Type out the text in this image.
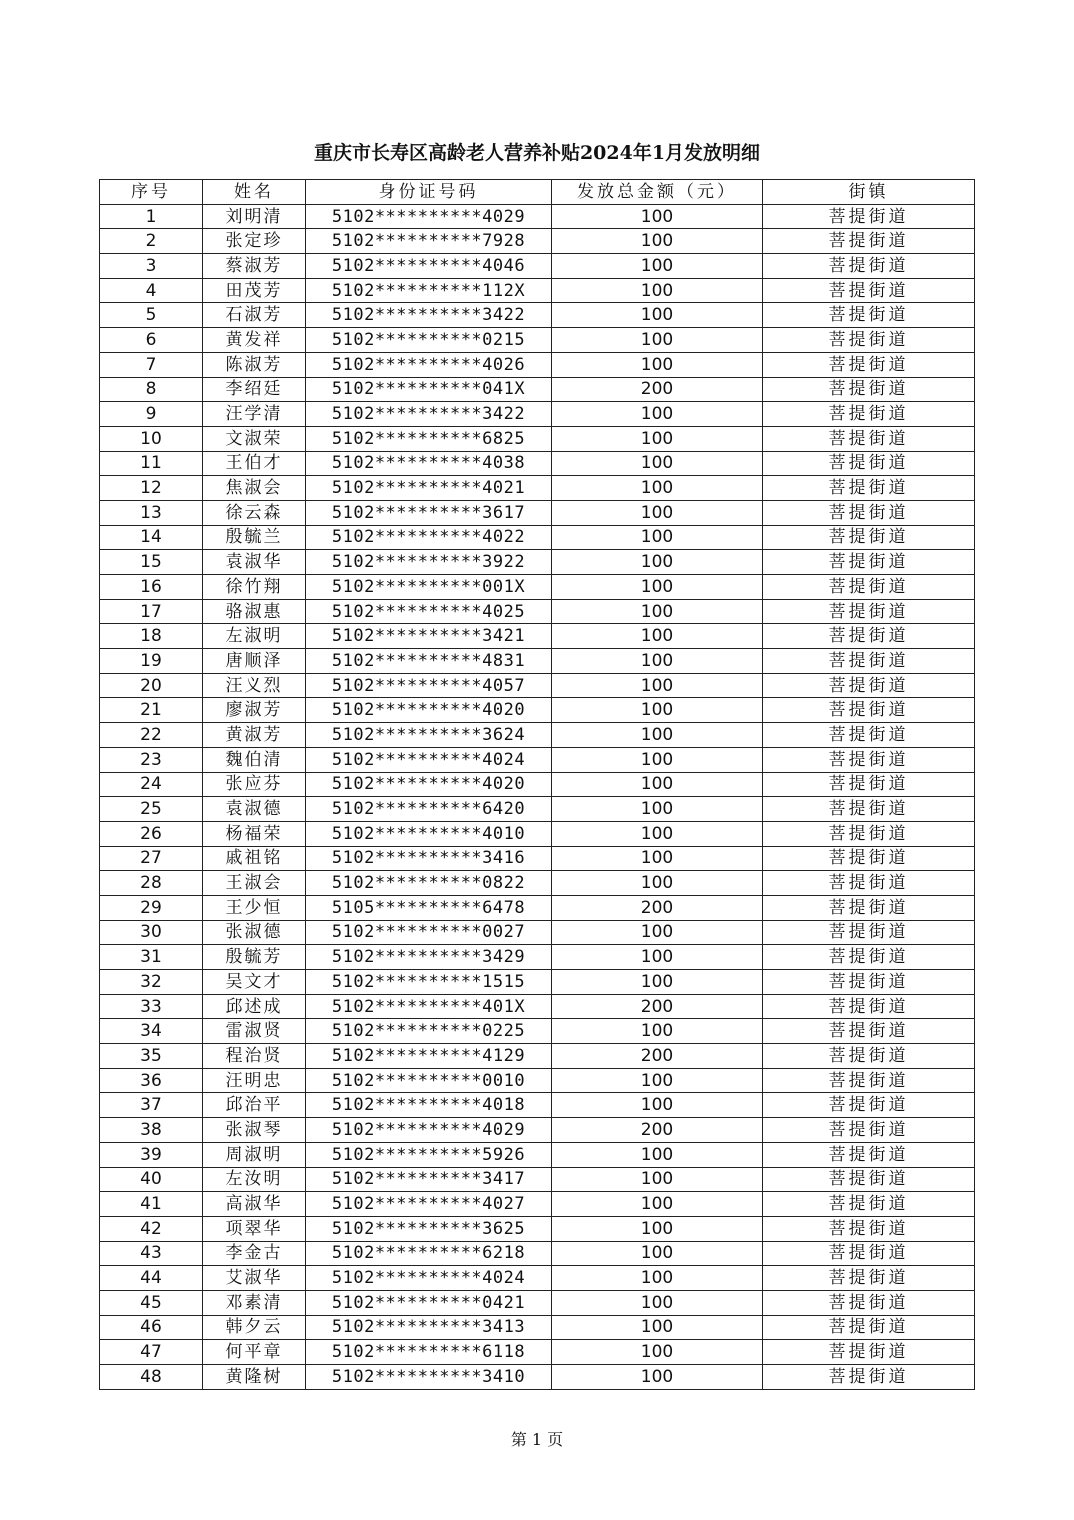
重庆市长寿区高龄老人营养补贴2024年1月发放明细
序号	姓名	身份证号码	发放总金额（元）	街镇
1	刘明清	5102**********4029	100	菩提街道
2	张定珍	5102**********7928	100	菩提街道
3	蔡淑芳	5102**********4046	100	菩提街道
4	田茂芳	5102**********112X	100	菩提街道
5	石淑芳	5102**********3422	100	菩提街道
6	黄发祥	5102**********0215	100	菩提街道
7	陈淑芳	5102**********4026	100	菩提街道
8	李绍廷	5102**********041X	200	菩提街道
9	汪学清	5102**********3422	100	菩提街道
10	文淑荣	5102**********6825	100	菩提街道
11	王伯才	5102**********4038	100	菩提街道
12	焦淑会	5102**********4021	100	菩提街道
13	徐云森	5102**********3617	100	菩提街道
14	殷毓兰	5102**********4022	100	菩提街道
15	袁淑华	5102**********3922	100	菩提街道
16	徐竹翔	5102**********001X	100	菩提街道
17	骆淑惠	5102**********4025	100	菩提街道
18	左淑明	5102**********3421	100	菩提街道
19	唐顺泽	5102**********4831	100	菩提街道
20	汪义烈	5102**********4057	100	菩提街道
21	廖淑芳	5102**********4020	100	菩提街道
22	黄淑芳	5102**********3624	100	菩提街道
23	魏伯清	5102**********4024	100	菩提街道
24	张应芬	5102**********4020	100	菩提街道
25	袁淑德	5102**********6420	100	菩提街道
26	杨福荣	5102**********4010	100	菩提街道
27	戚祖铭	5102**********3416	100	菩提街道
28	王淑会	5102**********0822	100	菩提街道
29	王少恒	5105**********6478	200	菩提街道
30	张淑德	5102**********0027	100	菩提街道
31	殷毓芳	5102**********3429	100	菩提街道
32	吴文才	5102**********1515	100	菩提街道
33	邱述成	5102**********401X	200	菩提街道
34	雷淑贤	5102**********0225	100	菩提街道
35	程治贤	5102**********4129	200	菩提街道
36	汪明忠	5102**********0010	100	菩提街道
37	邱治平	5102**********4018	100	菩提街道
38	张淑琴	5102**********4029	200	菩提街道
39	周淑明	5102**********5926	100	菩提街道
40	左汝明	5102**********3417	100	菩提街道
41	高淑华	5102**********4027	100	菩提街道
42	项翠华	5102**********3625	100	菩提街道
43	李金古	5102**********6218	100	菩提街道
44	艾淑华	5102**********4024	100	菩提街道
45	邓素清	5102**********0421	100	菩提街道
46	韩夕云	5102**********3413	100	菩提街道
47	何平章	5102**********6118	100	菩提街道
48	黄隆树	5102**********3410	100	菩提街道
第 1 页
